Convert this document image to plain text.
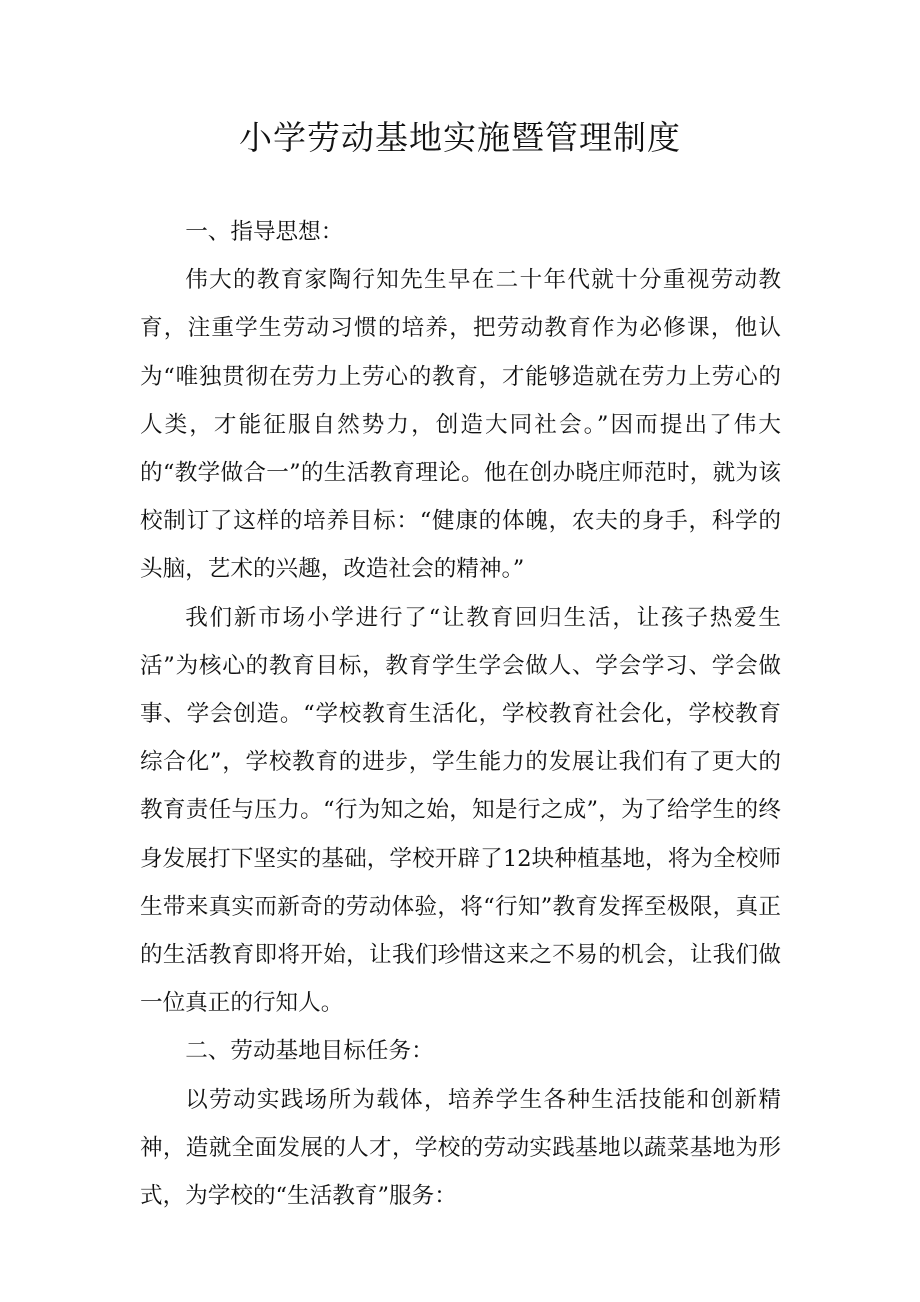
小学劳动基地实施暨管理制度

一、指导思想：

伟大的教育家陶行知先生早在二十年代就十分重视劳动教育，注重学生劳动习惯的培养，把劳动教育作为必修课，他认为“唯独贯彻在劳力上劳心的教育，才能够造就在劳力上劳心的人类，才能征服自然势力，创造大同社会。”因而提出了伟大的“教学做合一”的生活教育理论。他在创办晓庄师范时，就为该校制订了这样的培养目标：“健康的体魄，农夫的身手，科学的头脑，艺术的兴趣，改造社会的精神。”

我们新市场小学进行了“让教育回归生活，让孩子热爱生活”为核心的教育目标，教育学生学会做人、学会学习、学会做事、学会创造。“学校教育生活化，学校教育社会化，学校教育综合化”，学校教育的进步，学生能力的发展让我们有了更大的教育责任与压力。“行为知之始，知是行之成”，为了给学生的终身发展打下坚实的基础，学校开辟了12块种植基地，将为全校师生带来真实而新奇的劳动体验，将“行知”教育发挥至极限，真正的生活教育即将开始，让我们珍惜这来之不易的机会，让我们做一位真正的行知人。

二、劳动基地目标任务：

以劳动实践场所为载体，培养学生各种生活技能和创新精神，造就全面发展的人才，学校的劳动实践基地以蔬菜基地为形式，为学校的“生活教育”服务：
